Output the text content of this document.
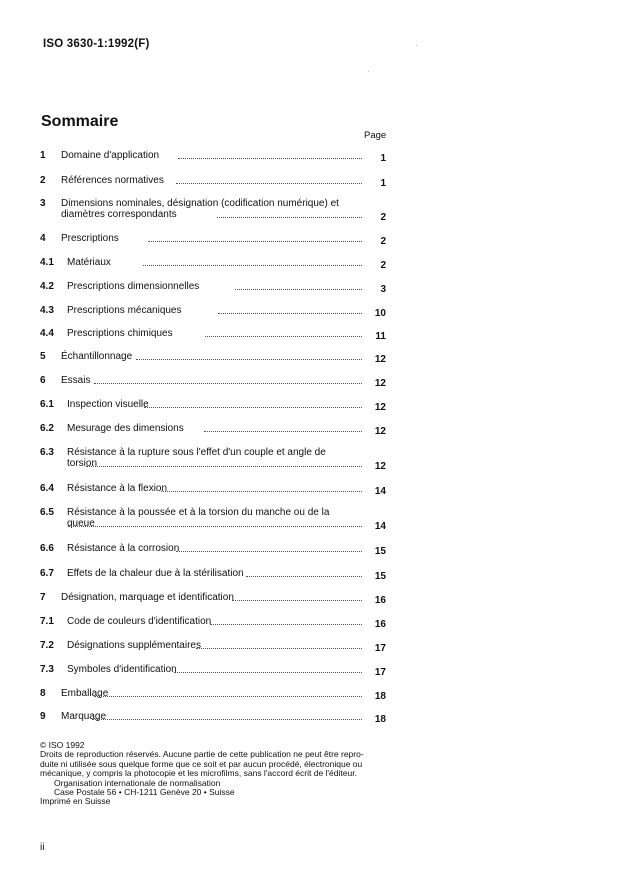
ISO 3630-1:1992(F)
Sommaire
Page
1 Domaine d'application	1
2 Références normatives	1
3 Dimensions nominales, désignation (codification numérique) et
diamètres correspondants	2
4 Prescriptions	2
4.1 Matériaux	2
4.2 Prescriptions dimensionnelles	3
4.3 Prescriptions mécaniques	10
4.4 Prescriptions chimiques	11
5 Échantillonnage	12
6 Essais	12
6.1 Inspection visuelle	12
6.2 Mesurage des dimensions	12
6.3 Résistance à la rupture sous l'effet d'un couple et angle de
torsion	12
6.4 Résistance à la flexion	14
6.5 Résistance à la poussée et à la torsion du manche ou de la
queue	14
6.6 Résistance à la corrosion	15
6.7 Effets de la chaleur due à la stérilisation	15
7 Désignation, marquage et identification	16
7.1 Code de couleurs d'identification	16
7.2 Désignations supplémentaires	17
7.3 Symboles d'identification	17
8 Emballage	18
9 Marquage	18
© ISO 1992
Droits de reproduction réservés. Aucune partie de cette publication ne peut être repro-
duite ni utilisée sous quelque forme que ce soit et par aucun procédé, électronique ou
mécanique, y compris la photocopie et les microfilms, sans l'accord écrit de l'éditeur.
Organisation internationale de normalisation
Case Postale 56 • CH-1211 Genève 20 • Suisse
Imprimé en Suisse
ii
